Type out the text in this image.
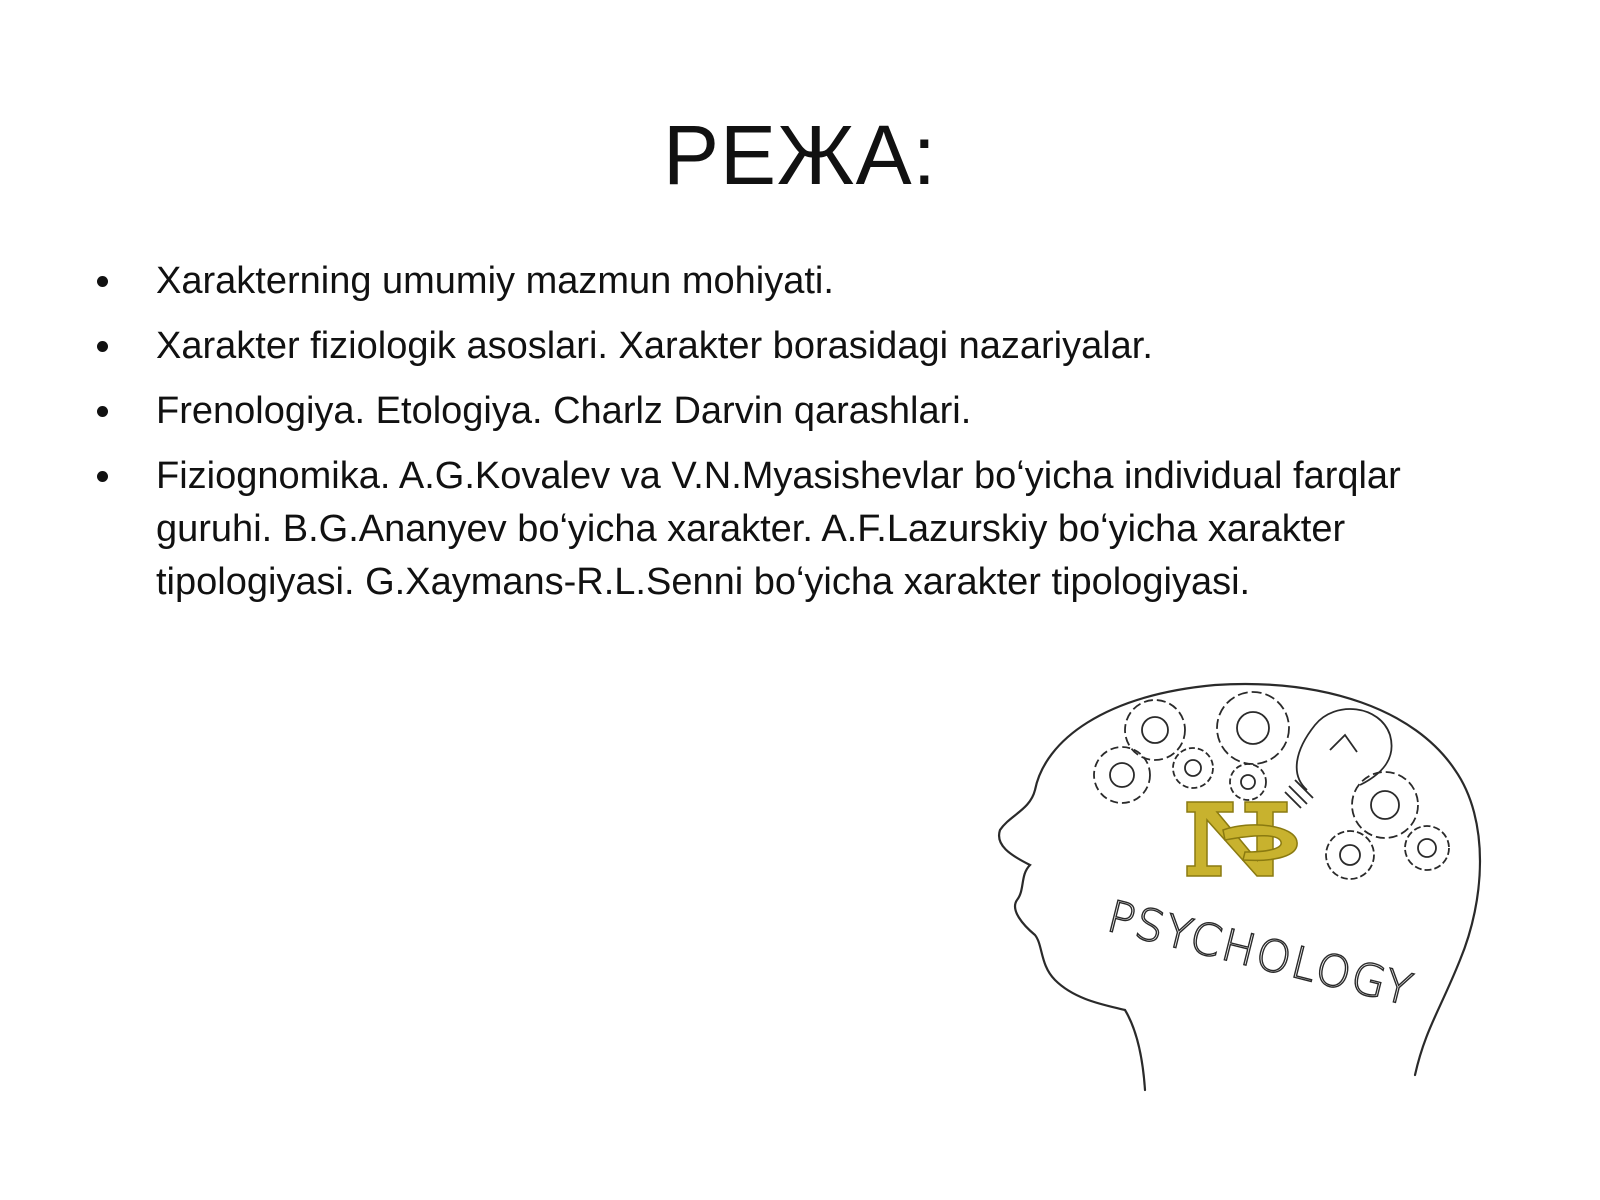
РЕЖА:
Xarakterning umumiy mazmun mohiyati.
Xarakter fiziologik asoslari. Xarakter borasidagi nazariyalar.
Frenologiya. Etologiya. Charlz Darvin qarashlari.
Fiziognomika. A.G.Kovalev va V.N.Myasishevlar boʻyicha individual farqlar guruhi. B.G.Ananyev boʻyicha xarakter. A.F.Lazurskiy boʻyicha xarakter tipologiyasi. G.Xaymans-R.L.Senni boʻyicha xarakter tipologiyasi.
PSYCHOLOGY
